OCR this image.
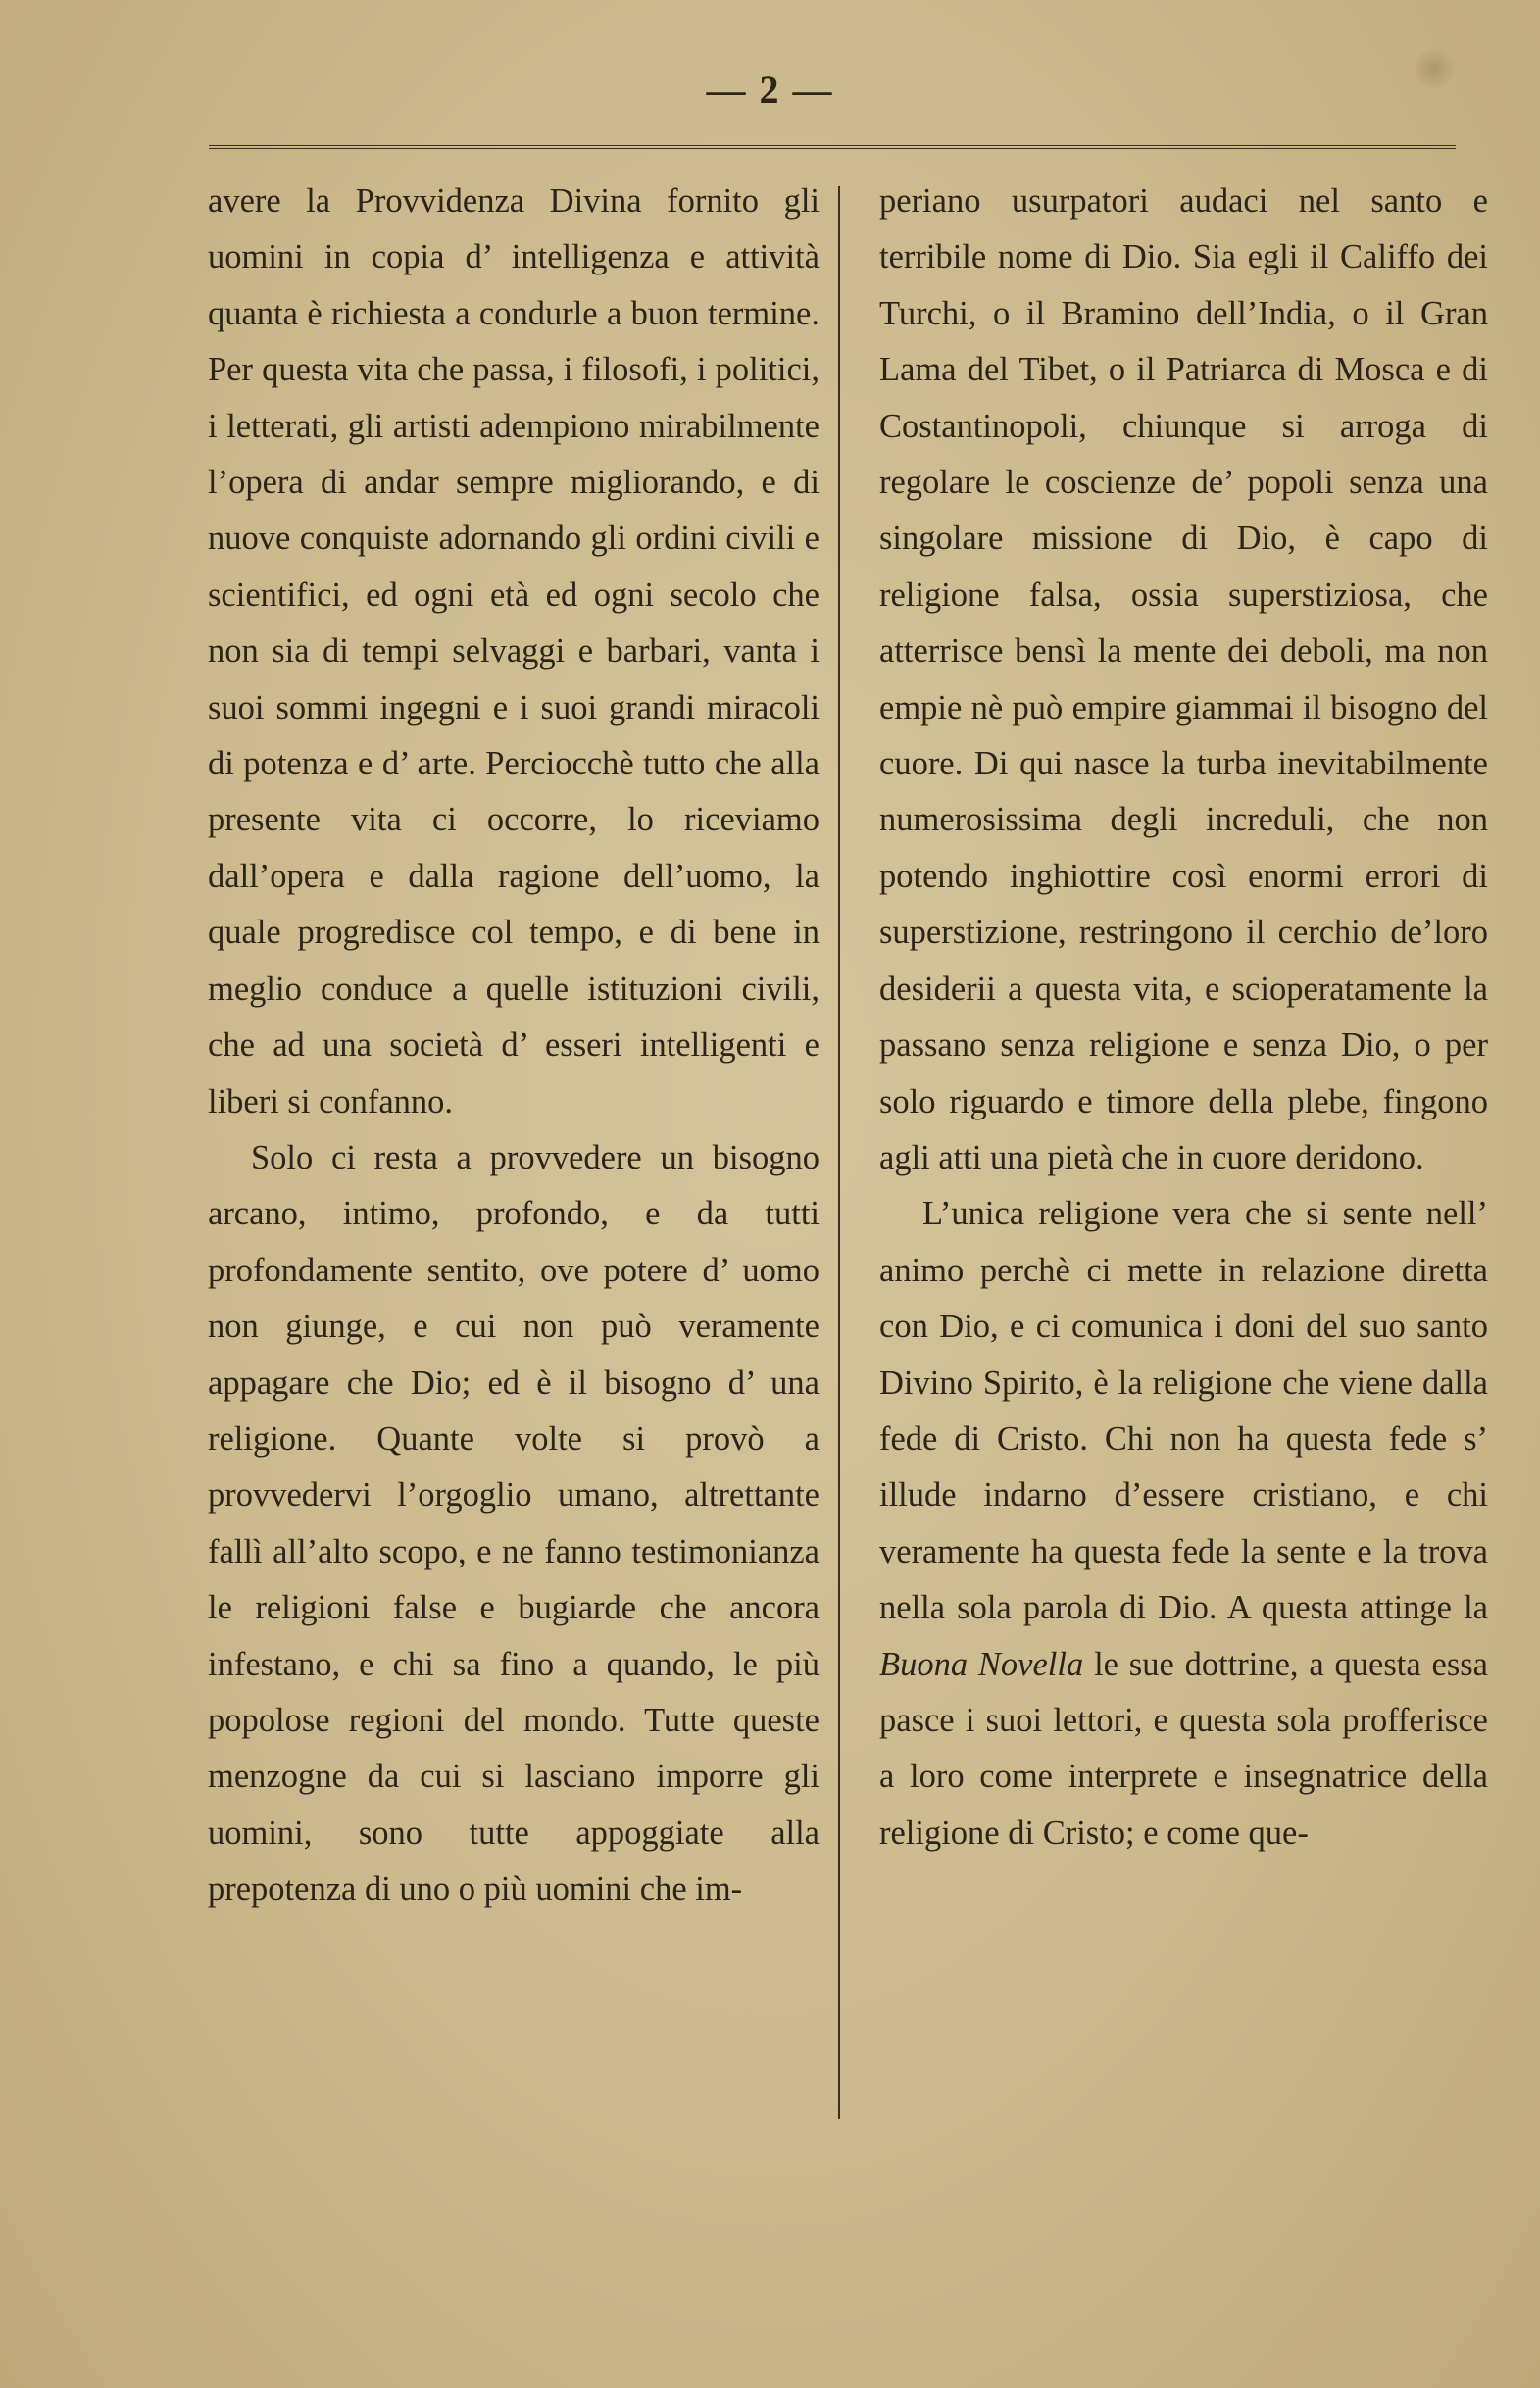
— 2 —

avere la Provvidenza Divina fornito gli uomini in copia d’ intelligenza e attività quanta è richiesta a condurle a buon termine. Per questa vita che passa, i filosofi, i politici, i letterati, gli artisti adempiono mirabilmente l’opera di andar sempre migliorando, e di nuove conquiste adornando gli ordini civili e scientifici, ed ogni età ed ogni secolo che non sia di tempi selvaggi e barbari, vanta i suoi sommi ingegni e i suoi grandi miracoli di potenza e d’ arte. Perciocchè tutto che alla presente vita ci occorre, lo riceviamo dall’opera e dalla ragione dell’uomo, la quale progredisce col tempo, e di bene in meglio conduce a quelle istituzioni civili, che ad una società d’ esseri intelligenti e liberi si confanno.

Solo ci resta a provvedere un bisogno arcano, intimo, profondo, e da tutti profondamente sentito, ove potere d’ uomo non giunge, e cui non può veramente appagare che Dio; ed è il bisogno d’ una religione. Quante volte si provò a provvedervi l’orgoglio umano, altrettante fallì all’alto scopo, e ne fanno testimonianza le religioni false e bugiarde che ancora infestano, e chi sa fino a quando, le più popolose regioni del mondo. Tutte queste menzogne da cui si lasciano imporre gli uomini, sono tutte appoggiate alla prepotenza di uno o più uomini che im-

periano usurpatori audaci nel santo e terribile nome di Dio. Sia egli il Califfo dei Turchi, o il Bramino dell’India, o il Gran Lama del Tibet, o il Patriarca di Mosca e di Costantinopoli, chiunque si arroga di regolare le coscienze de’ popoli senza una singolare missione di Dio, è capo di religione falsa, ossia superstiziosa, che atterrisce bensì la mente dei deboli, ma non empie nè può empire giammai il bisogno del cuore. Di qui nasce la turba inevitabilmente numerosissima degli increduli, che non potendo inghiottire così enormi errori di superstizione, restringono il cerchio de’loro desiderii a questa vita, e scioperatamente la passano senza religione e senza Dio, o per solo riguardo e timore della plebe, fingono agli atti una pietà che in cuore deridono.

L’unica religione vera che si sente nell’ animo perchè ci mette in relazione diretta con Dio, e ci comunica i doni del suo santo Divino Spirito, è la religione che viene dalla fede di Cristo. Chi non ha questa fede s’ illude indarno d’essere cristiano, e chi veramente ha questa fede la sente e la trova nella sola parola di Dio. A questa attinge la Buona Novella le sue dottrine, a questa essa pasce i suoi lettori, e questa sola profferisce a loro come interprete e insegnatrice della religione di Cristo; e come que-
